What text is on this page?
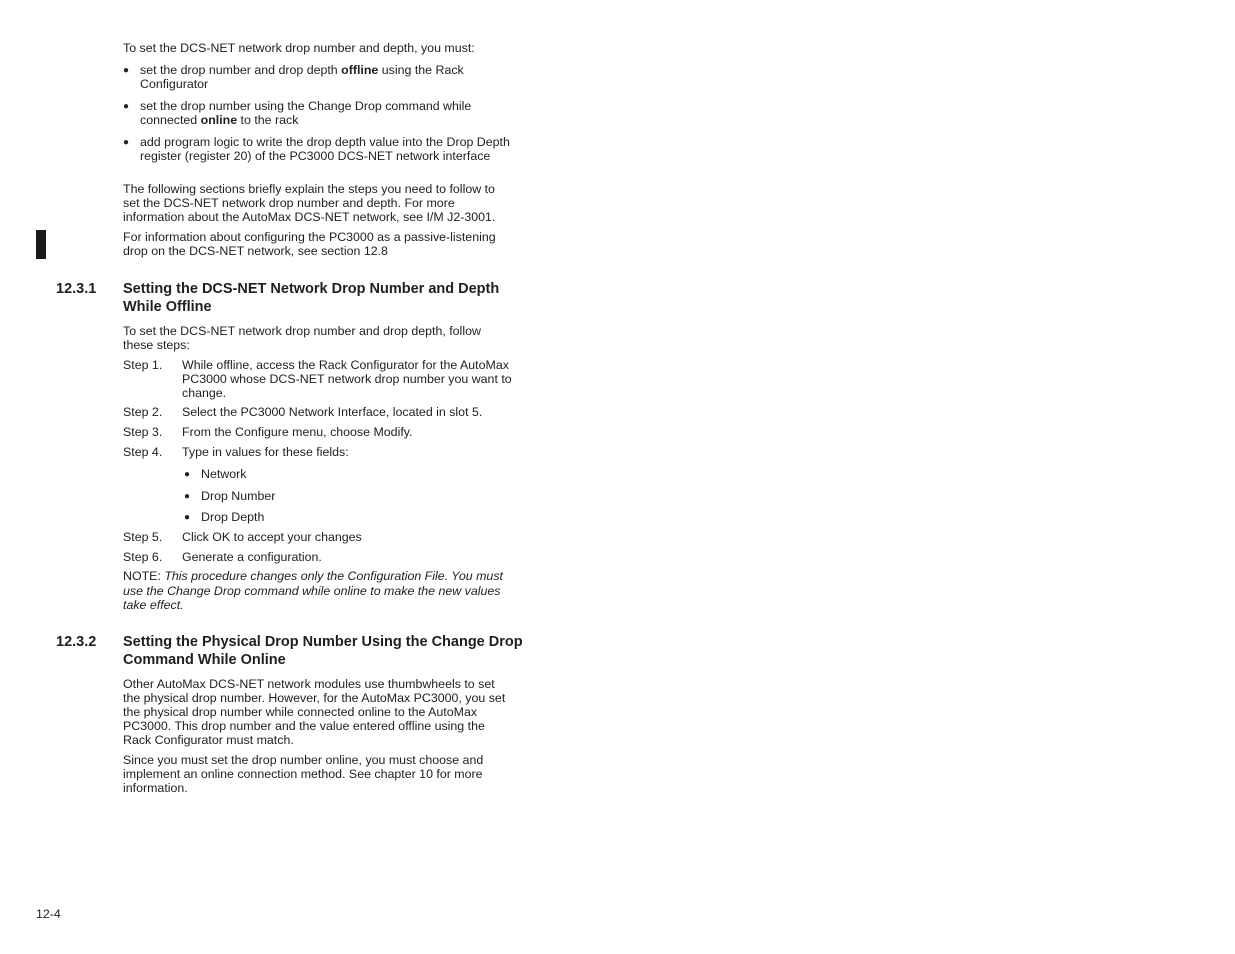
To set the DCS-NET network drop number and depth, you must:

●
set the drop number and drop depth offline using the Rack Configurator
●
set the drop number using the Change Drop command while connected online to the rack
●
add program logic to write the drop depth value into the Drop Depth register (register 20) of the PC3000 DCS-NET network interface

The following sections briefly explain the steps you need to follow to set the DCS-NET network drop number and depth. For more information about the AutoMax DCS-NET network, see I/M J2-3001.

For information about configuring the PC3000 as a passive-listening drop on the DCS-NET network, see section 12.8

12.3.1 Setting the DCS-NET Network Drop Number and Depth While Offline

To set the DCS-NET network drop number and drop depth, follow these steps:

Step 1. While offline, access the Rack Configurator for the AutoMax PC3000 whose DCS-NET network drop number you want to change.
Step 2. Select the PC3000 Network Interface, located in slot 5.
Step 3. From the Configure menu, choose Modify.
Step 4. Type in values for these fields:
●
Network
●
Drop Number
●
Drop Depth
Step 5. Click OK to accept your changes
Step 6. Generate a configuration.

NOTE: This procedure changes only the Configuration File. You must use the Change Drop command while online to make the new values take effect.

12.3.2 Setting the Physical Drop Number Using the Change Drop Command While Online

Other AutoMax DCS-NET network modules use thumbwheels to set the physical drop number. However, for the AutoMax PC3000, you set the physical drop number while connected online to the AutoMax PC3000. This drop number and the value entered offline using the Rack Configurator must match.

Since you must set the drop number online, you must choose and implement an online connection method. See chapter 10 for more information.

12-4
